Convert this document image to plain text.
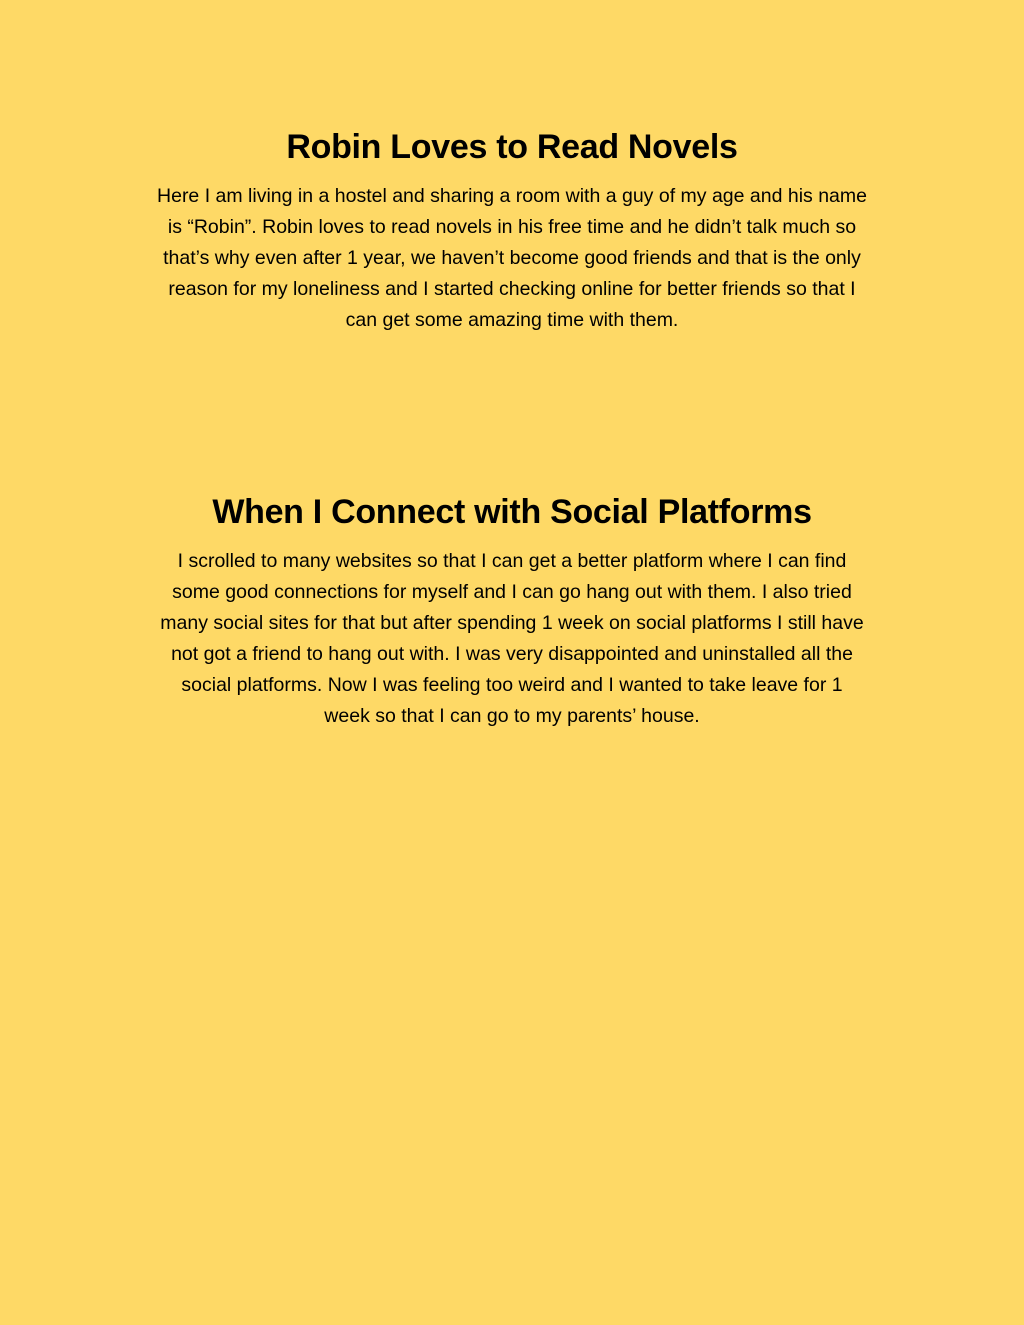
Robin Loves to Read Novels

Here I am living in a hostel and sharing a room with a guy of my age and his name
is “Robin”. Robin loves to read novels in his free time and he didn’t talk much so
that’s why even after 1 year, we haven’t become good friends and that is the only
reason for my loneliness and I started checking online for better friends so that I
can get some amazing time with them.

When I Connect with Social Platforms

I scrolled to many websites so that I can get a better platform where I can find
some good connections for myself and I can go hang out with them. I also tried
many social sites for that but after spending 1 week on social platforms I still have
not got a friend to hang out with. I was very disappointed and uninstalled all the
social platforms. Now I was feeling too weird and I wanted to take leave for 1
week so that I can go to my parents’ house.
